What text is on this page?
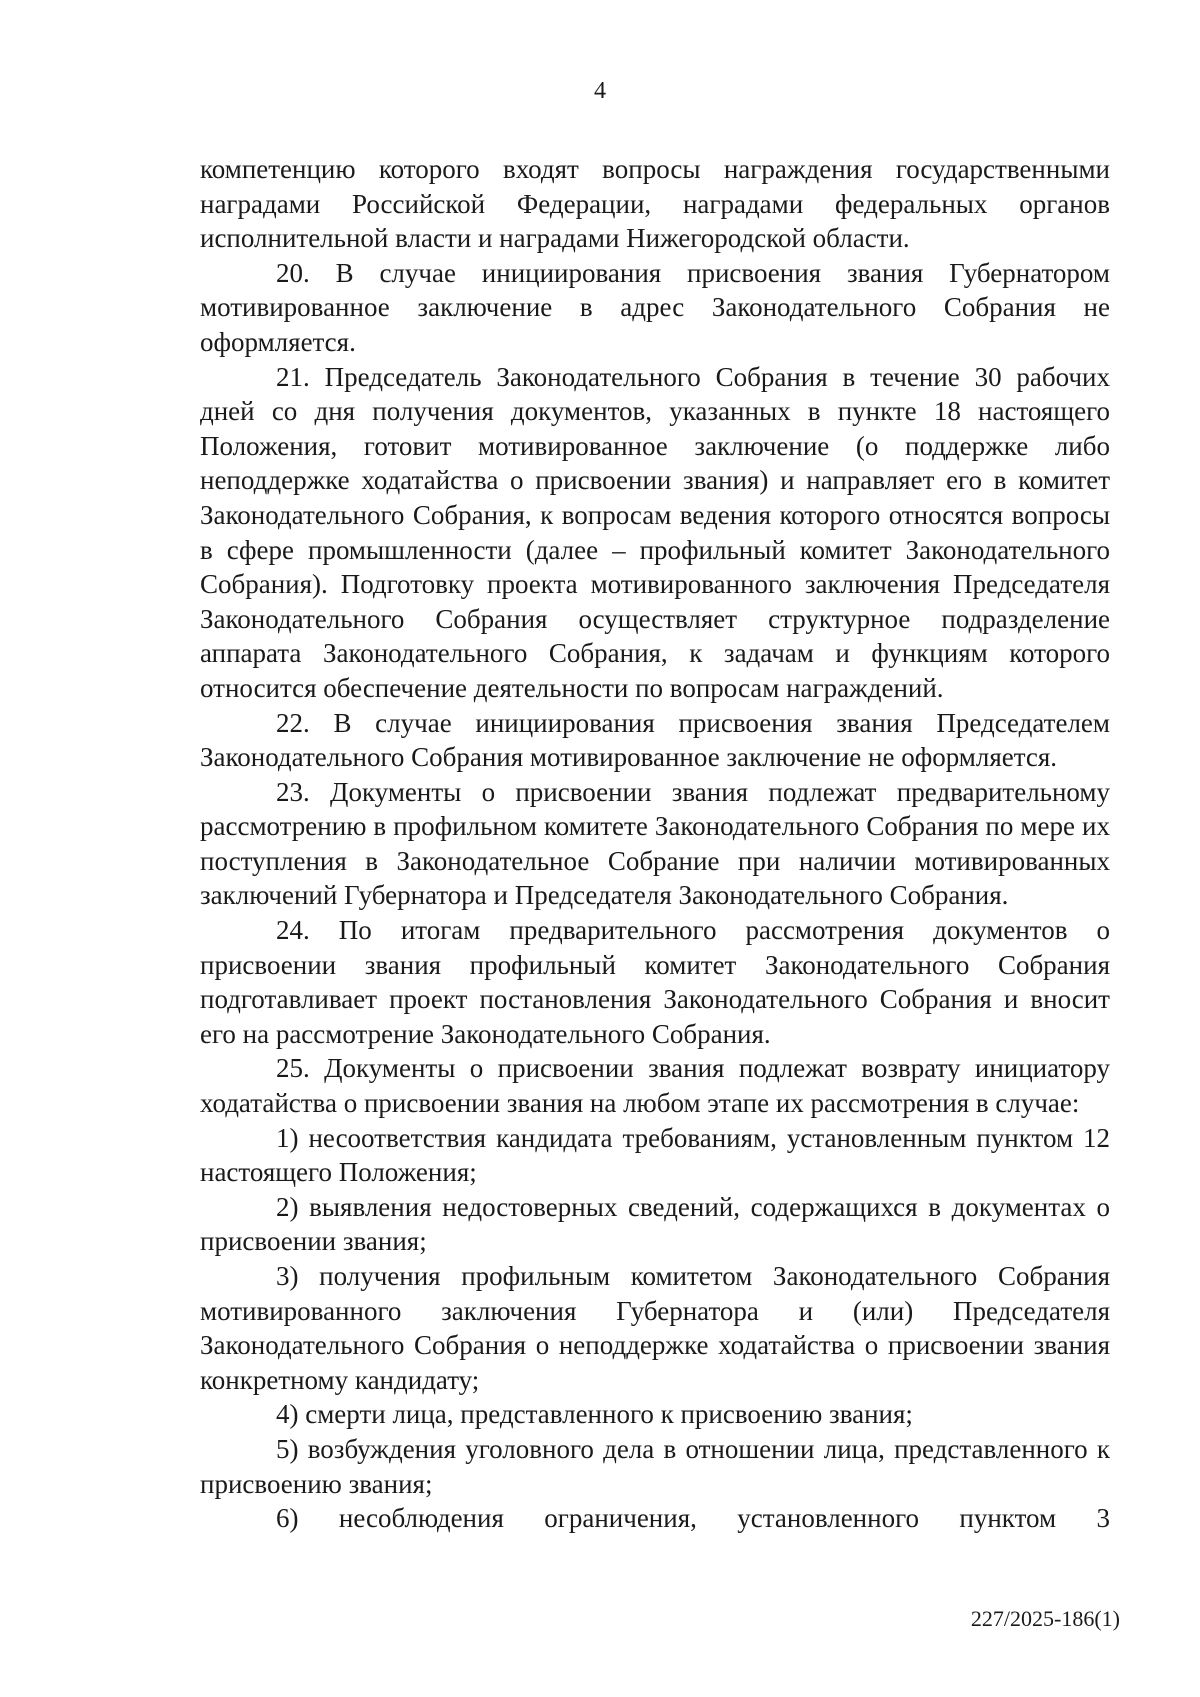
4

компетенцию которого входят вопросы награждения государственными наградами Российской Федерации, наградами федеральных органов исполнительной власти и наградами Нижегородской области.

20. В случае инициирования присвоения звания Губернатором мотивированное заключение в адрес Законодательного Собрания не оформляется.

21. Председатель Законодательного Собрания в течение 30 рабочих дней со дня получения документов, указанных в пункте 18 настоящего Положения, готовит мотивированное заключение (о поддержке либо неподдержке ходатайства о присвоении звания) и направляет его в комитет Законодательного Собрания, к вопросам ведения которого относятся вопросы в сфере промышленности (далее – профильный комитет Законодательного Собрания). Подготовку проекта мотивированного заключения Председателя Законодательного Собрания осуществляет структурное подразделение аппарата Законодательного Собрания, к задачам и функциям которого относится обеспечение деятельности по вопросам награждений.

22. В случае инициирования присвоения звания Председателем Законодательного Собрания мотивированное заключение не оформляется.

23. Документы о присвоении звания подлежат предварительному рассмотрению в профильном комитете Законодательного Собрания по мере их поступления в Законодательное Собрание при наличии мотивированных заключений Губернатора и Председателя Законодательного Собрания.

24. По итогам предварительного рассмотрения документов о присвоении звания профильный комитет Законодательного Собрания подготавливает проект постановления Законодательного Собрания и вносит его на рассмотрение Законодательного Собрания.

25. Документы о присвоении звания подлежат возврату инициатору ходатайства о присвоении звания на любом этапе их рассмотрения в случае:

1) несоответствия кандидата требованиям, установленным пунктом 12 настоящего Положения;

2) выявления недостоверных сведений, содержащихся в документах о присвоении звания;

3) получения профильным комитетом Законодательного Собрания мотивированного заключения Губернатора и (или) Председателя Законодательного Собрания о неподдержке ходатайства о присвоении звания конкретному кандидату;

4) смерти лица, представленного к присвоению звания;

5) возбуждения уголовного дела в отношении лица, представленного к присвоению звания;

6) несоблюдения ограничения, установленного пунктом 3

227/2025-186(1)
